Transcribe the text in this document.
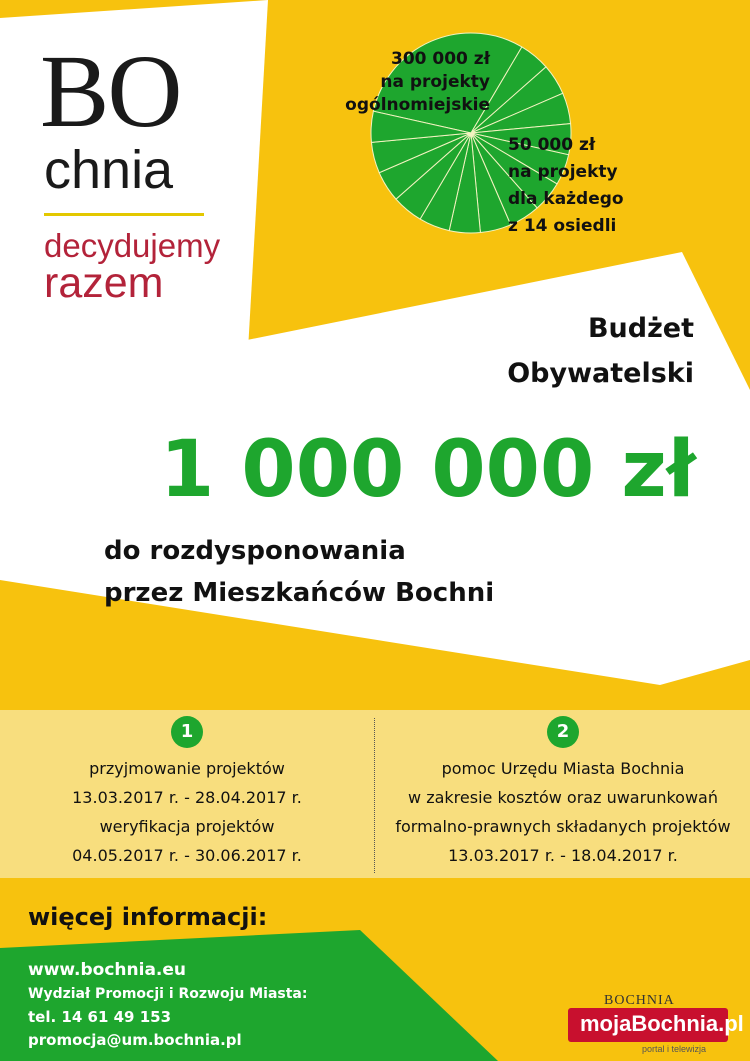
BO
chnia
decydujemy
razem
300 000 zł
na projekty
ogólnomiejskie
50 000 zł
na projekty
dla każdego
z 14 osiedli
Budżet
Obywatelski
1 000 000 zł
do rozdysponowania
przez Mieszkańców Bochni
1
przyjmowanie projektów
13.03.2017 r. - 28.04.2017 r.
weryfikacja projektów
04.05.2017 r. - 30.06.2017 r.
2
pomoc Urzędu Miasta Bochnia
w zakresie kosztów oraz uwarunkowań
formalno-prawnych składanych projektów
13.03.2017 r. - 18.04.2017 r.
więcej informacji:
www.bochnia.eu
Wydział Promocji i Rozwoju Miasta:
tel. 14 61 49 153
promocja@um.bochnia.pl
BOCHNIA
mojaBochnia.pl
portal i telewizja
